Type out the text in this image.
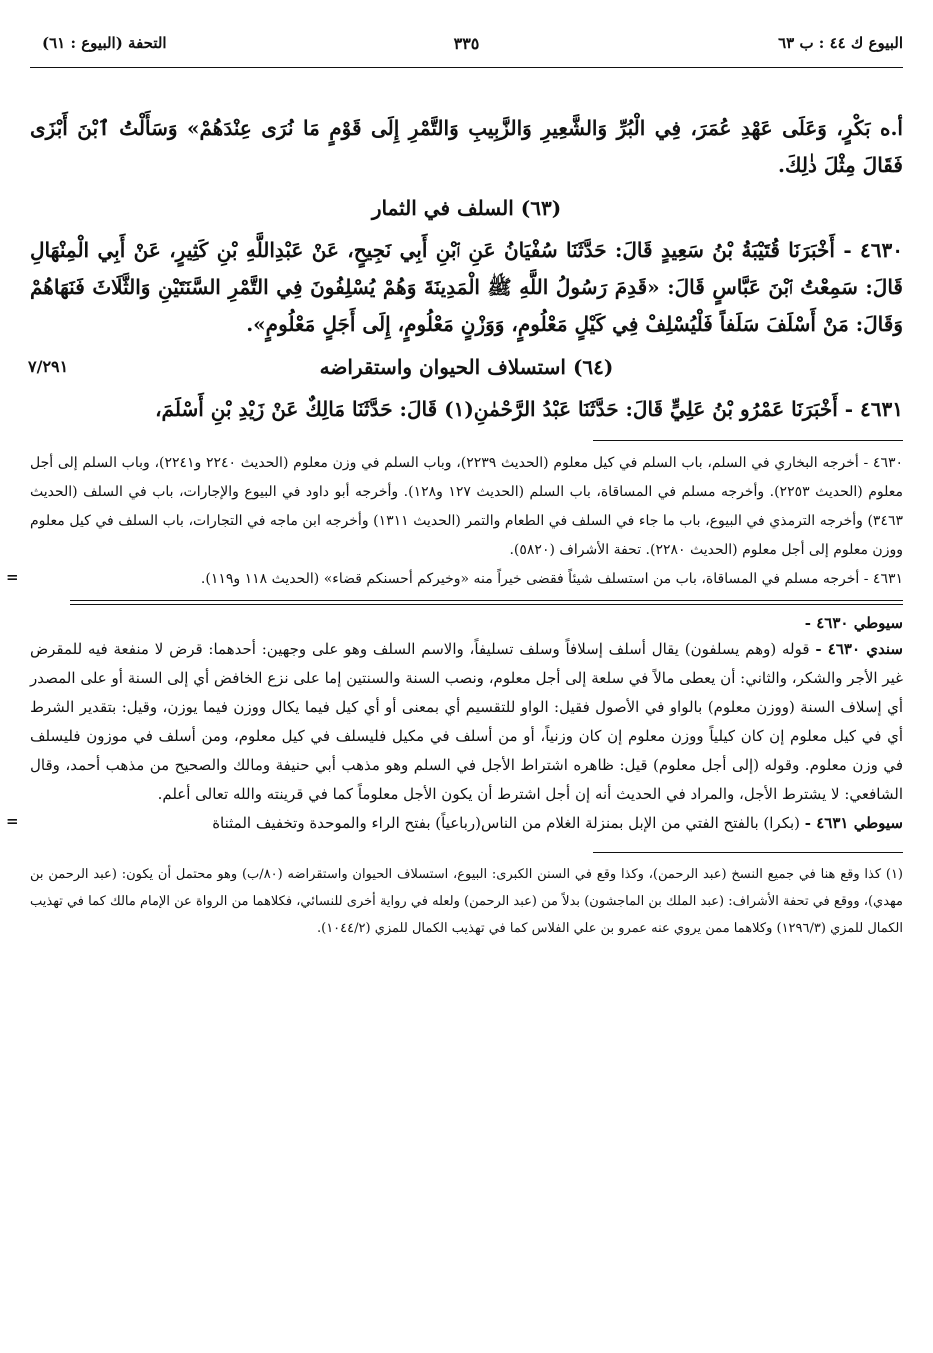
البيوع ك ٤٤ : ب ٦٣
٣٣٥
التحفة (البيوع : ٦١)

أ.ه بَكْرٍ، وَعَلَى عَهْدِ عُمَرَ، فِي الْبُرِّ وَالشَّعِيرِ وَالزَّبِيبِ وَالتَّمْرِ إِلَى قَوْمٍ مَا نُرَى عِنْدَهُمْ» وَسَأَلْتُ ٱبْنَ أَبْزَى فَقَالَ مِثْلَ ذٰلِكَ.

(٦٣) السلف في الثمار

٤٦٣٠ - أَخْبَرَنَا قُتَيْبَةُ بْنُ سَعِيدٍ قَالَ: حَدَّثَنَا سُفْيَانُ عَنِ ٱبْنِ أَبِي نَجِيحٍ، عَنْ عَبْدِاللَّهِ بْنِ كَثِيرٍ، عَنْ أَبِي الْمِنْهَالِ قَالَ: سَمِعْتُ ٱبْنَ عَبَّاسٍ قَالَ: «قَدِمَ رَسُولُ اللَّهِ ﷺ الْمَدِينَةَ وَهُمْ يُسْلِفُونَ فِي التَّمْرِ السَّنَتَيْنِ وَالثَّلَاثَ فَنَهَاهُمْ وَقَالَ: مَنْ أَسْلَفَ سَلَفاً فَلْيُسْلِفْ فِي كَيْلٍ مَعْلُومٍ، وَوَزْنٍ مَعْلُومٍ، إِلَى أَجَلٍ مَعْلُومٍ».

(٦٤) استسلاف الحيوان واستقراضه
٧/٢٩١

٤٦٣١ - أَخْبَرَنَا عَمْرُو بْنُ عَلِيٍّ قَالَ: حَدَّثَنَا عَبْدُ الرَّحْمٰنِ(١) قَالَ: حَدَّثَنَا مَالِكٌ عَنْ زَيْدِ بْنِ أَسْلَمَ،

٤٦٣٠ - أخرجه البخاري في السلم، باب السلم في كيل معلوم (الحديث ٢٢٣٩)، وباب السلم في وزن معلوم (الحديث ٢٢٤٠ و٢٢٤١)، وباب السلم إلى أجل معلوم (الحديث ٢٢٥٣). وأخرجه مسلم في المساقاة، باب السلم (الحديث ١٢٧ و١٢٨). وأخرجه أبو داود في البيوع والإجارات، باب في السلف (الحديث ٣٤٦٣) وأخرجه الترمذي في البيوع، باب ما جاء في السلف في الطعام والتمر (الحديث ١٣١١) وأخرجه ابن ماجه في التجارات، باب السلف في كيل معلوم ووزن معلوم إلى أجل معلوم (الحديث ٢٢٨٠). تحفة الأشراف (٥٨٢٠).

٤٦٣١ - أخرجه مسلم في المساقاة، باب من استسلف شيئاً فقضى خيراً منه «وخيركم أحسنكم قضاء» (الحديث ١١٨ و١١٩).
=

سيوطي ٤٦٣٠ -

سندي ٤٦٣٠ - قوله (وهم يسلفون) يقال أسلف إسلافاً وسلف تسليفاً، والاسم السلف وهو على وجهين: أحدهما: قرض لا منفعة فيه للمقرض غير الأجر والشكر، والثاني: أن يعطى مالاً في سلعة إلى أجل معلوم، ونصب السنة والسنتين إما على نزع الخافض أي إلى السنة أو على المصدر أي إسلاف السنة (ووزن معلوم) بالواو في الأصول فقيل: الواو للتقسيم أي بمعنى أو أي كيل فيما يكال ووزن فيما يوزن، وقيل: بتقدير الشرط أي في كيل معلوم إن كان كيلياً ووزن معلوم إن كان وزنياً، أو من أسلف في مكيل فليسلف في كيل معلوم، ومن أسلف في موزون فليسلف في وزن معلوم. وقوله (إلى أجل معلوم) قيل: ظاهره اشتراط الأجل في السلم وهو مذهب أبي حنيفة ومالك والصحيح من مذهب أحمد، وقال الشافعي: لا يشترط الأجل، والمراد في الحديث أنه إن أجل اشترط أن يكون الأجل معلوماً كما في قرينته والله تعالى أعلم.

سيوطي ٤٦٣١ - (بكرا) بالفتح الفتي من الإبل بمنزلة الغلام من الناس(رباعياً) بفتح الراء والموحدة وتخفيف المثناة
=

(١) كذا وقع هنا في جميع النسخ (عبد الرحمن)، وكذا وقع في السنن الكبرى: البيوع، استسلاف الحيوان واستقراضه (٨٠/ب) وهو محتمل أن يكون: (عبد الرحمن بن مهدي)، ووقع في تحفة الأشراف: (عبد الملك بن الماجشون) بدلاً من (عبد الرحمن) ولعله في رواية أخرى للنسائي، فكلاهما من الرواة عن الإمام مالك كما في تهذيب الكمال للمزي (١٢٩٦/٣) وكلاهما ممن يروي عنه عمرو بن علي الفلاس كما في تهذيب الكمال للمزي (١٠٤٤/٢).
